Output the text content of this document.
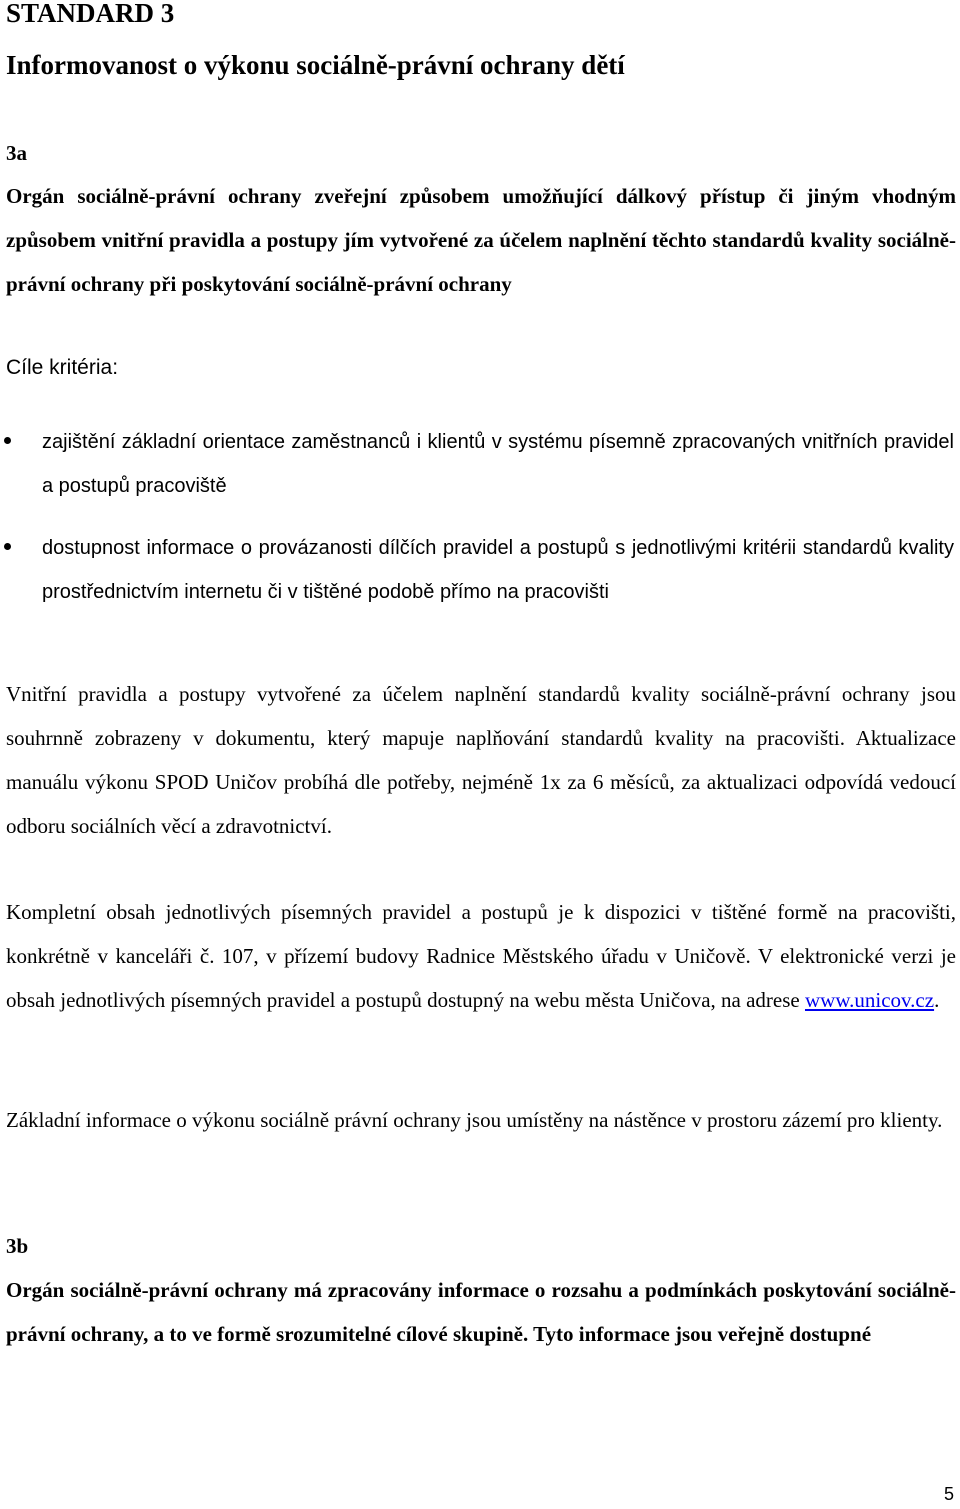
STANDARD 3
Informovanost o výkonu sociálně-právní ochrany dětí
3a
Orgán sociálně-právní ochrany zveřejní způsobem umožňující dálkový přístup či jiným vhodným způsobem vnitřní pravidla a postupy jím vytvořené za účelem naplnění těchto standardů kvality sociálně-právní ochrany při poskytování sociálně-právní ochrany
Cíle kritéria:
zajištění základní orientace zaměstnanců i klientů v systému písemně zpracovaných vnitřních pravidel a postupů pracoviště
dostupnost informace o provázanosti dílčích pravidel a postupů s jednotlivými kritérii standardů kvality prostřednictvím internetu či v tištěné podobě přímo na pracovišti
Vnitřní pravidla a postupy vytvořené za účelem naplnění standardů kvality sociálně-právní ochrany jsou souhrnně zobrazeny v dokumentu, který mapuje naplňování standardů kvality na pracovišti. Aktualizace manuálu výkonu SPOD Uničov probíhá dle potřeby, nejméně 1x za 6 měsíců, za aktualizaci odpovídá vedoucí odboru sociálních věcí a zdravotnictví.
Kompletní obsah jednotlivých písemných pravidel a postupů je k dispozici v tištěné formě na pracovišti, konkrétně v kanceláři č. 107, v přízemí budovy Radnice Městského úřadu v Uničově. V elektronické verzi je obsah jednotlivých písemných pravidel a postupů dostupný na webu města Uničova, na adrese www.unicov.cz.
Základní informace o výkonu sociálně právní ochrany jsou umístěny na nástěnce v prostoru zázemí pro klienty.
3b
Orgán sociálně-právní ochrany má zpracovány informace o rozsahu a podmínkách poskytování sociálně-právní ochrany, a to ve formě srozumitelné cílové skupině. Tyto informace jsou veřejně dostupné
5
